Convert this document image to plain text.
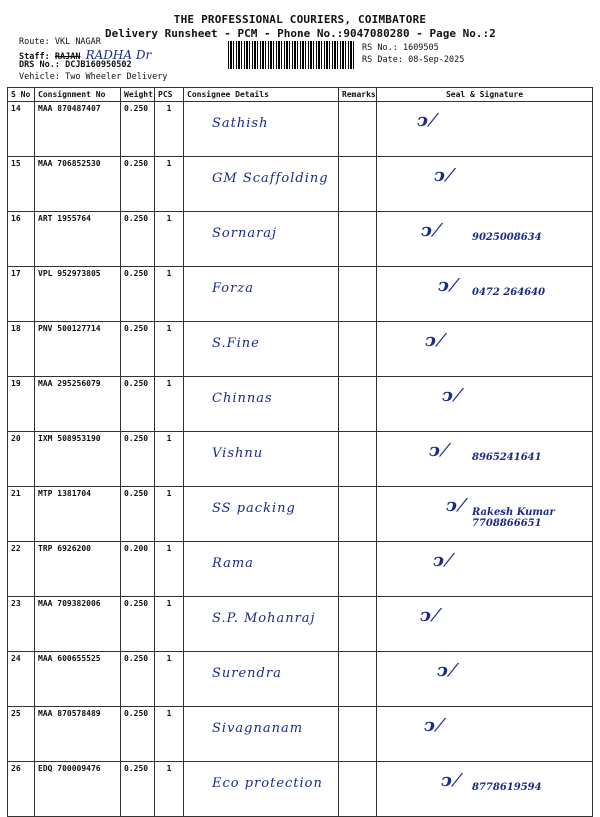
THE PROFESSIONAL COURIERS, COIMBATORE
Delivery Runsheet - PCM - Phone No.:9047080280 - Page No.:2
Route: VKL NAGAR
Staff: RAJAN RADHA Dr
DRS No.: DCJB160950502
Vehicle: Two Wheeler Delivery
RS No.: 1609505
RS Date: 08-Sep-2025
S No	Consignment No	Weight	PCS	Consignee Details	Remarks	Seal & Signature
14	MAA 870487407	0.250	1	Sathish		ↄ ⁄

15	MAA 706852530	0.250	1	GM Scaffolding		ↄ ⁄

16	ART 1955764	0.250	1	Sornaraj		ↄ ⁄ 9025008634

17	VPL 952973805	0.250	1	Forza		ↄ ⁄ 0472 264640

18	PNV 500127714	0.250	1	S.Fine		ↄ ⁄

19	MAA 295256079	0.250	1	Chinnas		ↄ ⁄

20	IXM 508953190	0.250	1	Vishnu		ↄ ⁄ 8965241641

21	MTP 1381704	0.250	1	SS packing		ↄ ⁄ Rakesh Kumar 7708866651

22	TRP 6926200	0.200	1	Rama		ↄ ⁄

23	MAA 709382006	0.250	1	S.P. Mohanraj		ↄ ⁄

24	MAA 600655525	0.250	1	Surendra		ↄ ⁄

25	MAA 870578489	0.250	1	Sivagnanam		ↄ ⁄

26	EDQ 700009476	0.250	1	Eco protection		ↄ ⁄ 8778619594
